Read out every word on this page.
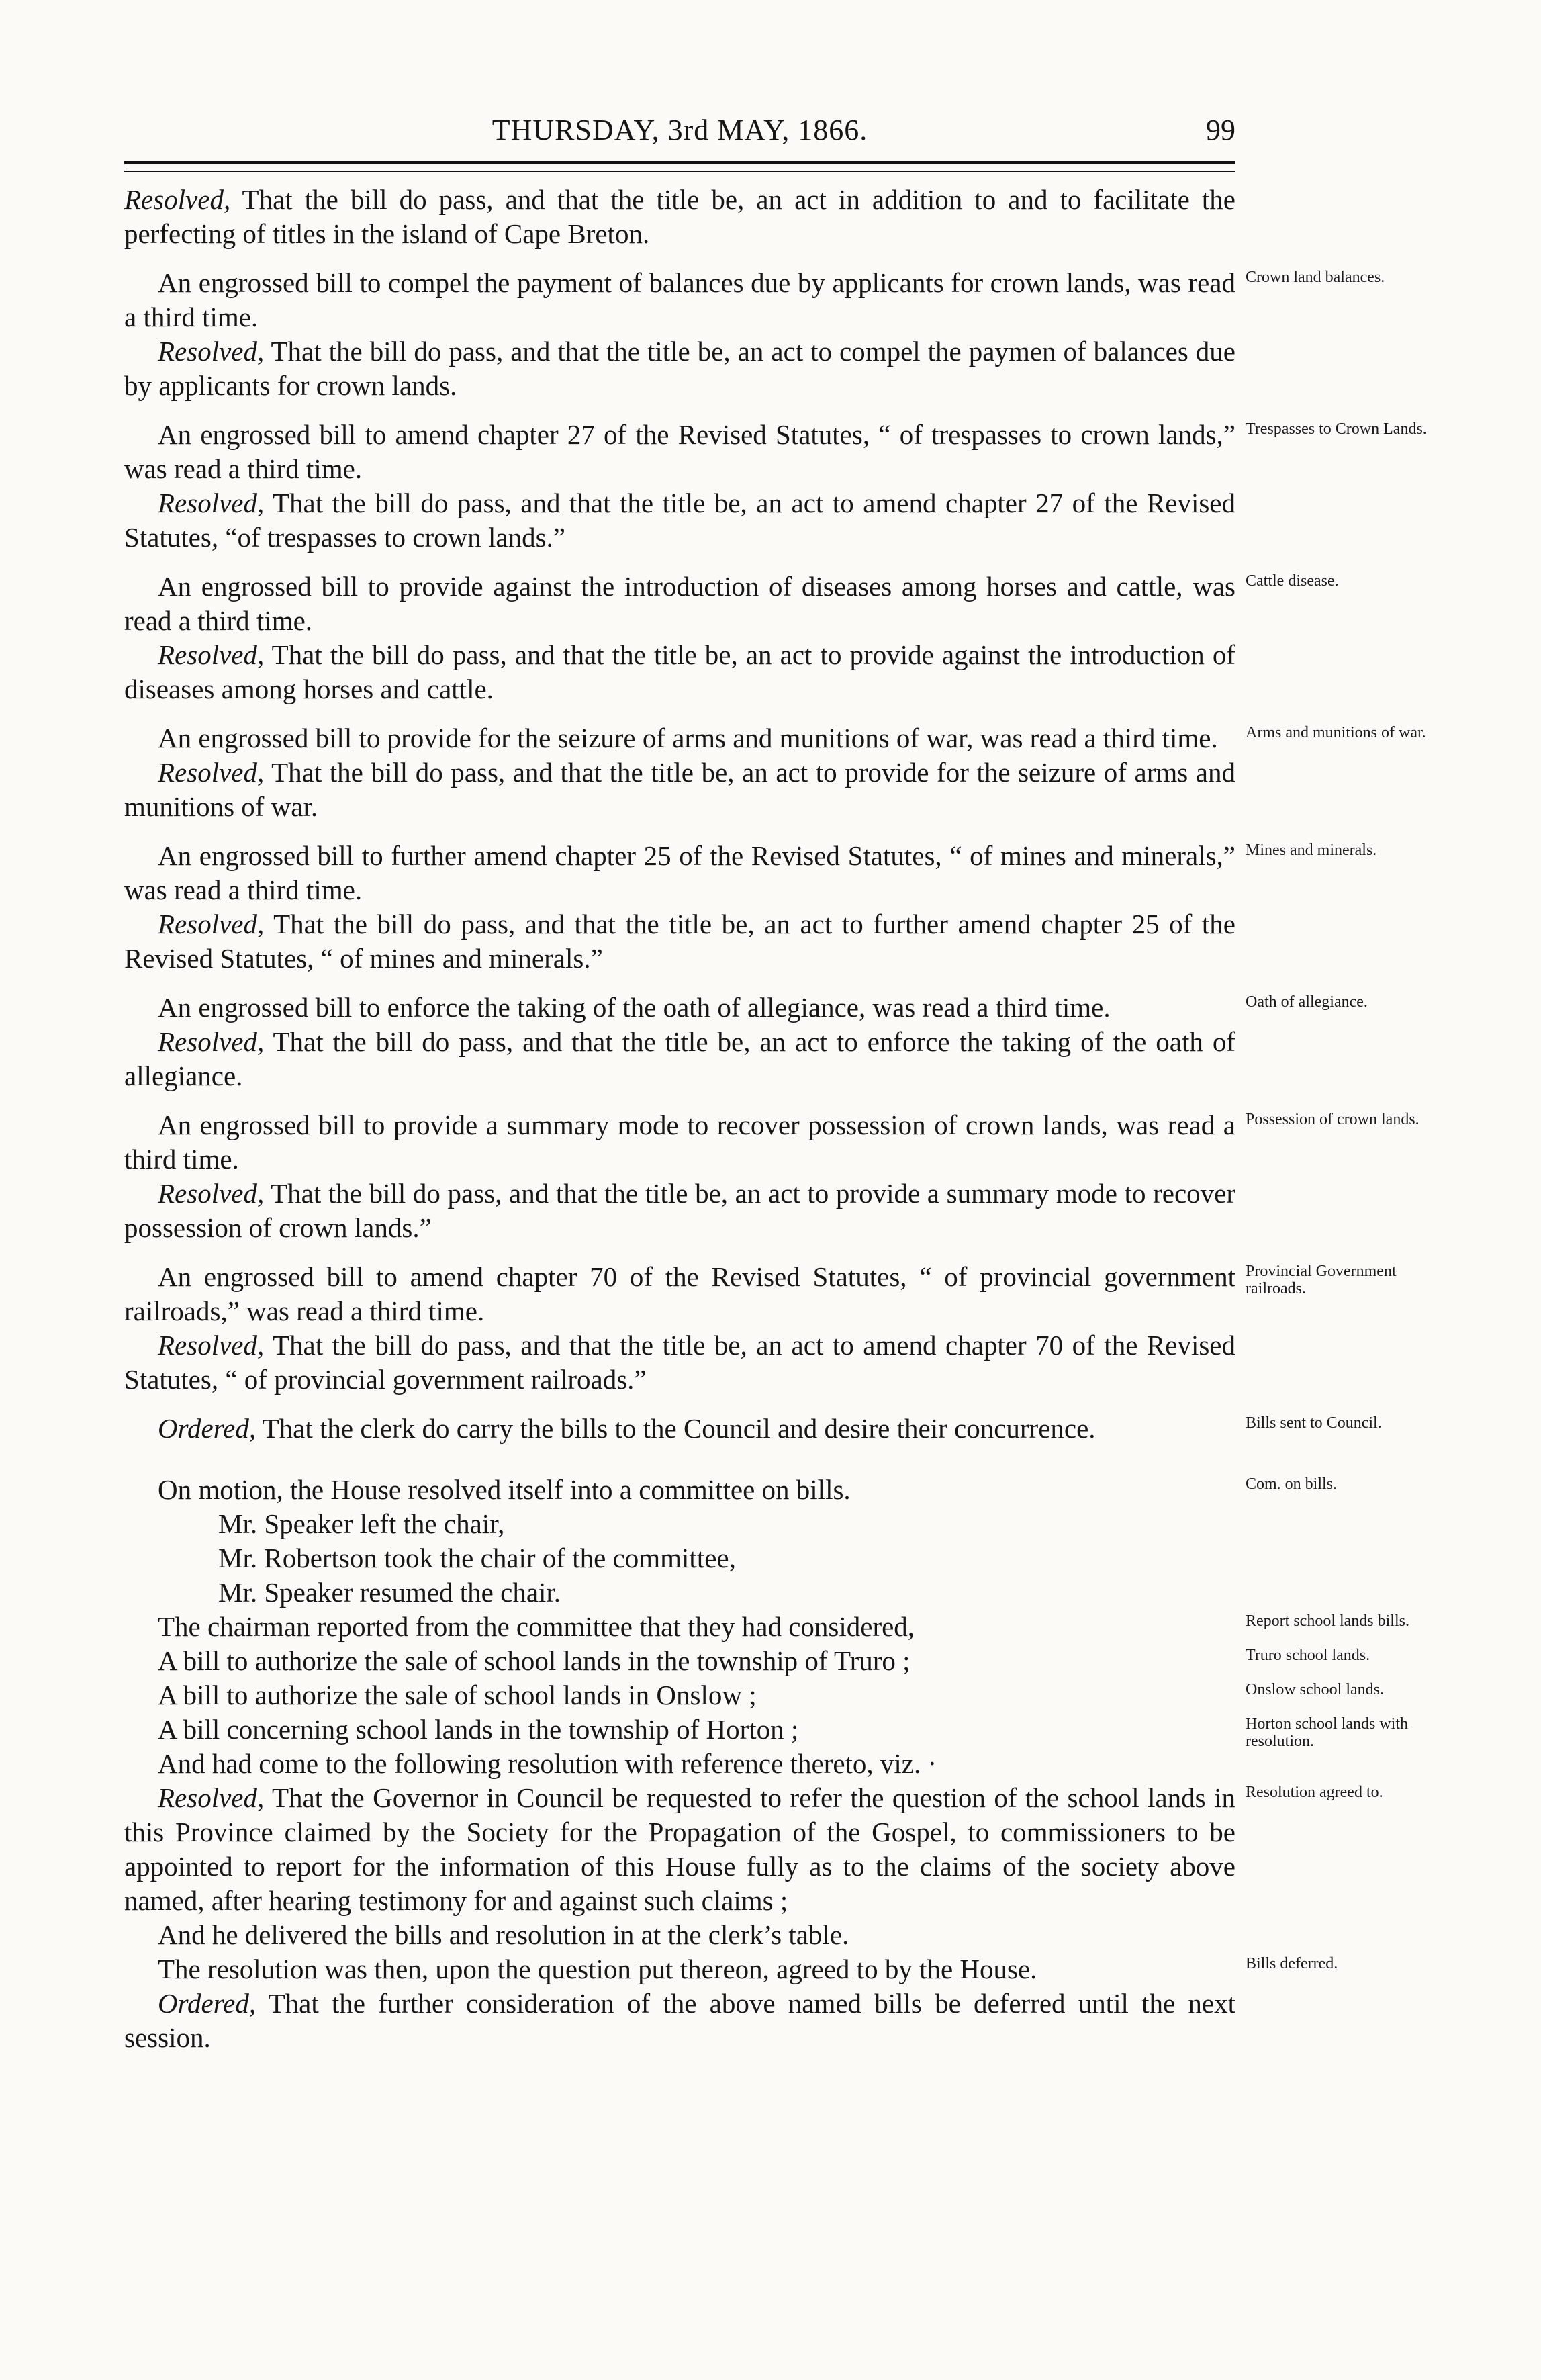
THURSDAY, 3rd MAY, 1866.	99

Resolved, That the bill do pass, and that the title be, an act in addition to and to facilitate the perfecting of titles in the island of Cape Breton.

An engrossed bill to compel the payment of balances due by applicants for crown lands, was read a third time.
Crown land balances.

Resolved, That the bill do pass, and that the title be, an act to compel the paymen of balances due by applicants for crown lands.

An engrossed bill to amend chapter 27 of the Revised Statutes, “ of trespasses to crown lands,” was read a third time.
Trespasses to Crown Lands.

Resolved, That the bill do pass, and that the title be, an act to amend chapter 27 of the Revised Statutes, “of trespasses to crown lands.”

An engrossed bill to provide against the introduction of diseases among horses and cattle, was read a third time.
Cattle disease.

Resolved, That the bill do pass, and that the title be, an act to provide against the introduction of diseases among horses and cattle.

An engrossed bill to provide for the seizure of arms and munitions of war, was read a third time. Arms and munitions of war.

Resolved, That the bill do pass, and that the title be, an act to provide for the seizure of arms and munitions of war.

An engrossed bill to further amend chapter 25 of the Revised Statutes, “ of mines and minerals,” was read a third time.
Mines and minerals.

Resolved, That the bill do pass, and that the title be, an act to further amend chapter 25 of the Revised Statutes, “ of mines and minerals.”

An engrossed bill to enforce the taking of the oath of allegiance, was read a third time.	Oath of allegiance.

Resolved, That the bill do pass, and that the title be, an act to enforce the taking of the oath of allegiance.

An engrossed bill to provide a summary mode to recover possession of crown lands, was read a third time.
Possession of crown lands.

Resolved, That the bill do pass, and that the title be, an act to provide a summary mode to recover possession of crown lands.”

An engrossed bill to amend chapter 70 of the Revised Statutes, “ of provincial government railroads,” was read a third time.
Provincial Government railroads.

Resolved, That the bill do pass, and that the title be, an act to amend chapter 70 of the Revised Statutes, “ of provincial government railroads.”

Ordered, That the clerk do carry the bills to the Council and desire their concurrence.	Bills sent to Council.

On motion, the House resolved itself into a committee on bills.	Com. on bills.

Mr. Speaker left the chair,

Mr. Robertson took the chair of the committee,

Mr. Speaker resumed the chair.

The chairman reported from the committee that they had considered,	Report school lands bills.

A bill to authorize the sale of school lands in the township of Truro ;	Truro school lands.

A bill to authorize the sale of school lands in Onslow ;	Onslow school lands.

A bill concerning school lands in the township of Horton ;	Horton school lands with resolution.

And had come to the following resolution with reference thereto, viz. ·

Resolved, That the Governor in Council be requested to refer the question of the school lands in this Province claimed by the Society for the Propagation of the Gospel, to commissioners to be appointed to report for the information of this House fully as to the claims of the society above named, after hearing testimony for and against such claims ;
Resolution agreed to.

And he delivered the bills and resolution in at the clerk’s table.

The resolution was then, upon the question put thereon, agreed to by the House.	Bills deferred.

Ordered, That the further consideration of the above named bills be deferred until the next session.
